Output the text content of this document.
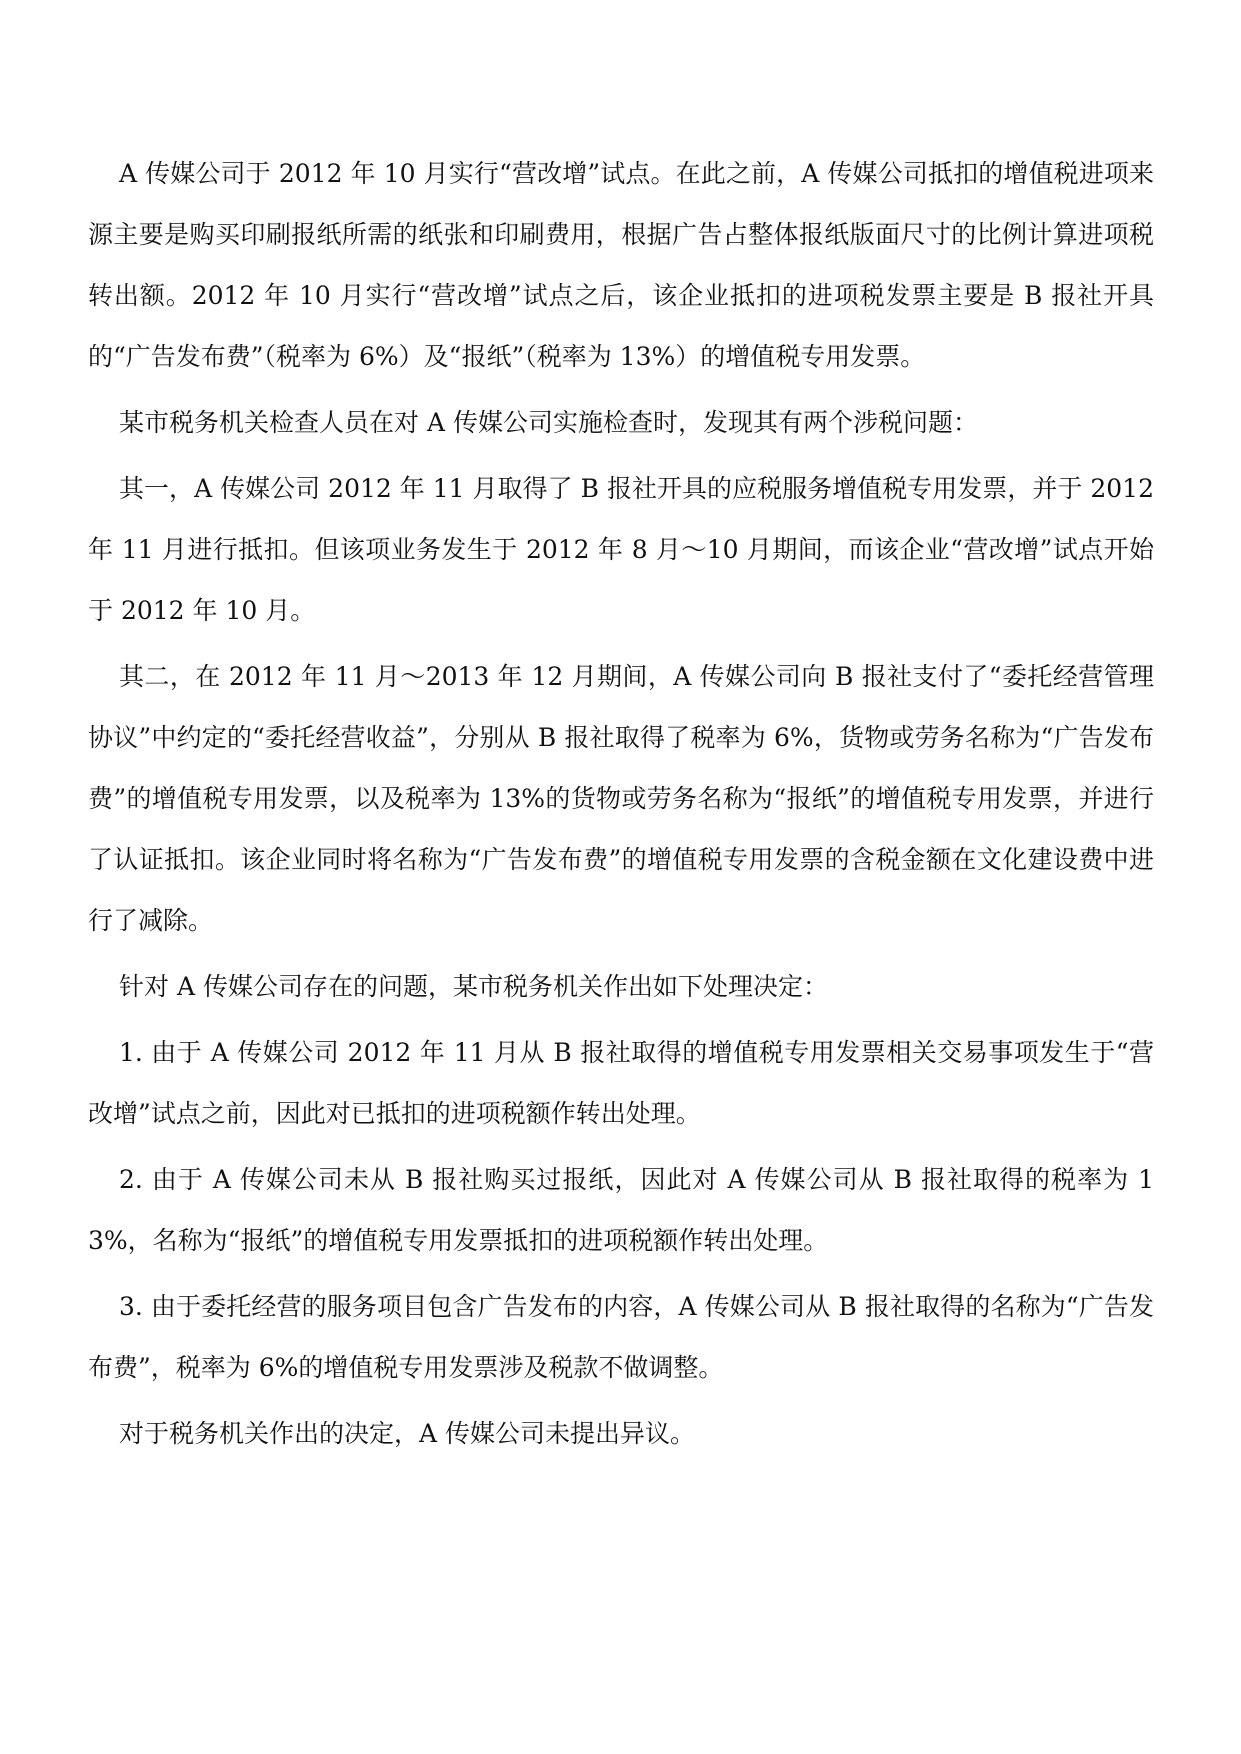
A 传媒公司于 2012 年 10 月实行“营改增”试点。在此之前，A 传媒公司抵扣的增值税进项来源主要是购买印刷报纸所需的纸张和印刷费用，根据广告占整体报纸版面尺寸的比例计算进项税转出额。2012 年 10 月实行“营改增”试点之后，该企业抵扣的进项税发票主要是 B 报社开具的“广告发布费”（税率为 6%）及“报纸”（税率为 13%）的增值税专用发票。

某市税务机关检查人员在对 A 传媒公司实施检查时，发现其有两个涉税问题：

其一，A 传媒公司 2012 年 11 月取得了 B 报社开具的应税服务增值税专用发票，并于 2012 年 11 月进行抵扣。但该项业务发生于 2012 年 8 月～10 月期间，而该企业“营改增”试点开始于 2012 年 10 月。

其二，在 2012 年 11 月～2013 年 12 月期间，A 传媒公司向 B 报社支付了“委托经营管理协议”中约定的“委托经营收益”，分别从 B 报社取得了税率为 6%，货物或劳务名称为“广告发布费”的增值税专用发票，以及税率为 13%的货物或劳务名称为“报纸”的增值税专用发票，并进行了认证抵扣。该企业同时将名称为“广告发布费”的增值税专用发票的含税金额在文化建设费中进行了减除。

针对 A 传媒公司存在的问题，某市税务机关作出如下处理决定：

1. 由于 A 传媒公司 2012 年 11 月从 B 报社取得的增值税专用发票相关交易事项发生于“营改增”试点之前，因此对已抵扣的进项税额作转出处理。

2. 由于 A 传媒公司未从 B 报社购买过报纸，因此对 A 传媒公司从 B 报社取得的税率为 13%，名称为“报纸”的增值税专用发票抵扣的进项税额作转出处理。

3. 由于委托经营的服务项目包含广告发布的内容，A 传媒公司从 B 报社取得的名称为“广告发布费”，税率为 6%的增值税专用发票涉及税款不做调整。

对于税务机关作出的决定，A 传媒公司未提出异议。
